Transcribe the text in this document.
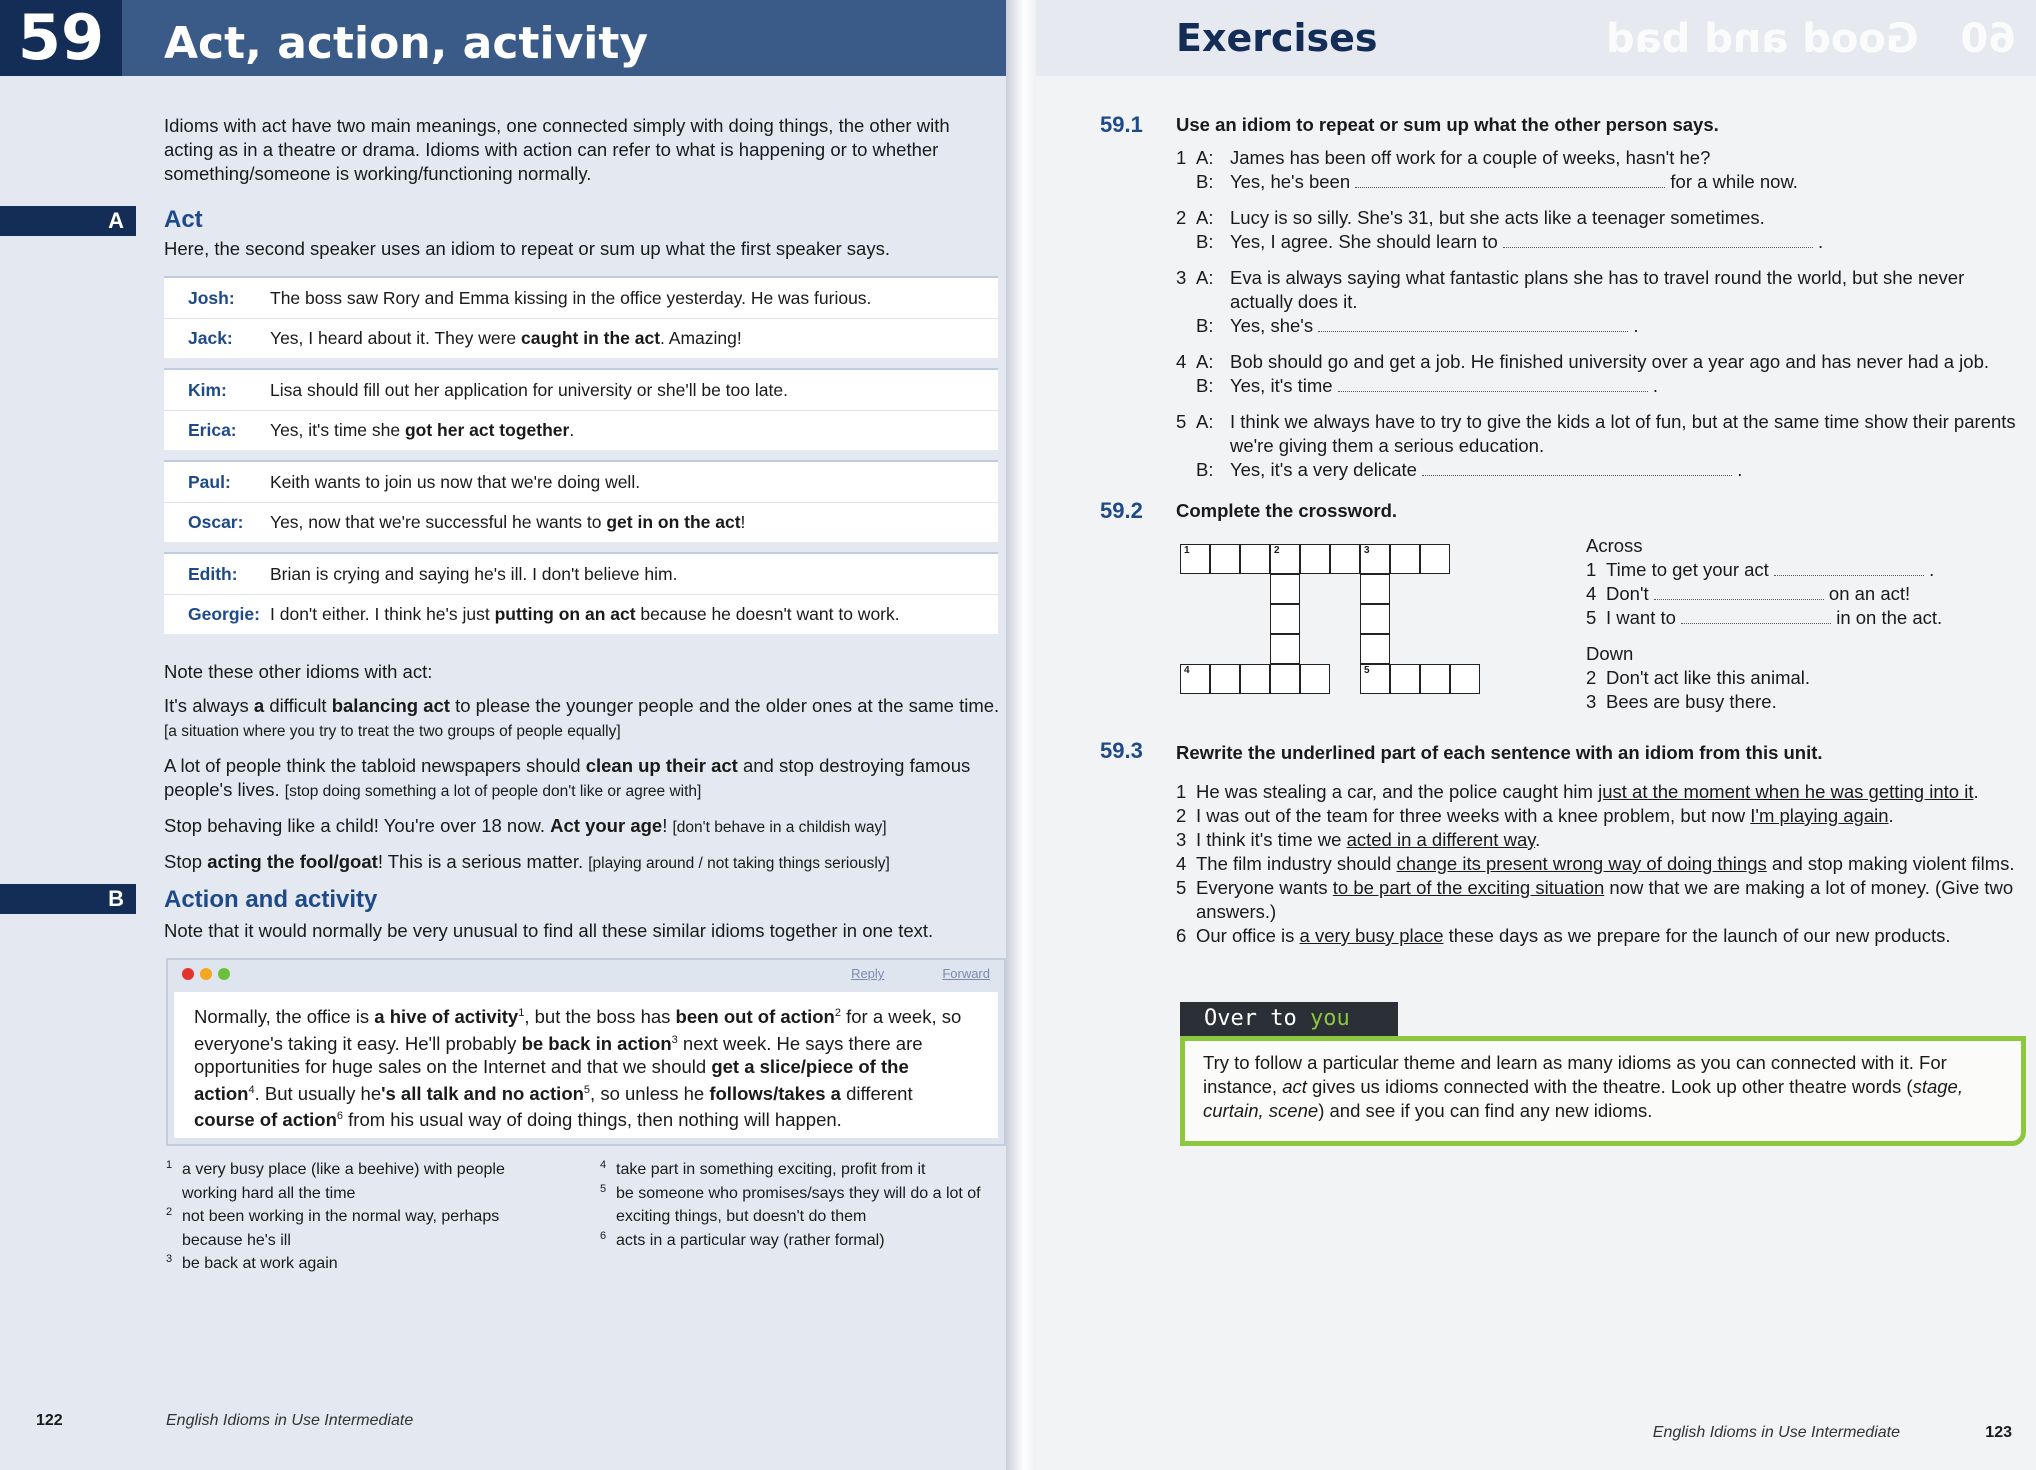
59	Act, action, activity
Idioms with act have two main meanings, one connected simply with doing things, the other with acting as in a theatre or drama. Idioms with action can refer to what is happening or to whether something/someone is working/functioning normally.
A	Act
Here, the second speaker uses an idiom to repeat or sum up what the first speaker says.
Josh:	The boss saw Rory and Emma kissing in the office yesterday. He was furious.
Jack:	Yes, I heard about it. They were caught in the act. Amazing!
Kim:	Lisa should fill out her application for university or she'll be too late.
Erica:	Yes, it's time she got her act together.
Paul:	Keith wants to join us now that we're doing well.
Oscar:	Yes, now that we're successful he wants to get in on the act!
Edith:	Brian is crying and saying he's ill. I don't believe him.
Georgie: I don't either. I think he's just putting on an act because he doesn't want to work.

Note these other idioms with act:

It's always a difficult balancing act to please the younger people and the older ones at the same time. [a situation where you try to treat the two groups of people equally]

A lot of people think the tabloid newspapers should clean up their act and stop destroying famous people's lives. [stop doing something a lot of people don't like or agree with]

Stop behaving like a child! You're over 18 now. Act your age! [don't behave in a childish way]

Stop acting the fool/goat! This is a serious matter. [playing around / not taking things seriously]

B	Action and activity
Note that it would normally be very unusual to find all these similar idioms together in one text.
Reply	Forward
Normally, the office is a hive of activity$^1$, but the boss has been out of action$^2$ for a week, so everyone's taking it easy. He'll probably be back in action$^3$ next week. He says there are opportunities for huge sales on the Internet and that we should get a slice/piece of the action$^4$. But usually he's all talk and no action$^5$, so unless he follows/takes a different course of action$^6$ from his usual way of doing things, then nothing will happen.
1 a very busy place (like a beehive) with people working hard all the time
2 not been working in the normal way, perhaps because he's ill
3 be back at work again
4 take part in something exciting, profit from it
5 be someone who promises/says they will do a lot of exciting things, but doesn't do them
6 acts in a particular way (rather formal)
122	English Idioms in Use Intermediate
Exercises	60   Good and bad
59.1 Use an idiom to repeat or sum up what the other person says.
1 A: James has been off work for a couple of weeks, hasn't he?
B: Yes, he's been	for a while now.
2 A: Lucy is so silly. She's 31, but she acts like a teenager sometimes.
B: Yes, I agree. She should learn to	.
3 A: Eva is always saying what fantastic plans she has to travel round the world, but she never actually does it.
B: Yes, she's	.
4 A: Bob should go and get a job. He finished university over a year ago and has never had a job.
B: Yes, it's time	.
5 A: I think we always have to try to give the kids a lot of fun, but at the same time show their parents we're giving them a serious education.
B: Yes, it's a very delicate	.
59.2 Complete the crossword.
1	2	3
4	5
Across
1 Time to get your act	.
4 Don't	on an act!
5 I want to	in on the act.
Down
2 Don't act like this animal.
3 Bees are busy there.
59.3 Rewrite the underlined part of each sentence with an idiom from this unit.
1 He was stealing a car, and the police caught him just at the moment when he was getting into it.
2 I was out of the team for three weeks with a knee problem, but now I'm playing again.
3 I think it's time we acted in a different way.
4 The film industry should change its present wrong way of doing things and stop making violent films.
5 Everyone wants to be part of the exciting situation now that we are making a lot of money. (Give two answers.)
6 Our office is a very busy place these days as we prepare for the launch of our new products.
Over to you
Try to follow a particular theme and learn as many idioms as you can connected with it. For instance, act gives us idioms connected with the theatre. Look up other theatre words (stage, curtain, scene) and see if you can find any new idioms.
English Idioms in Use Intermediate	123
